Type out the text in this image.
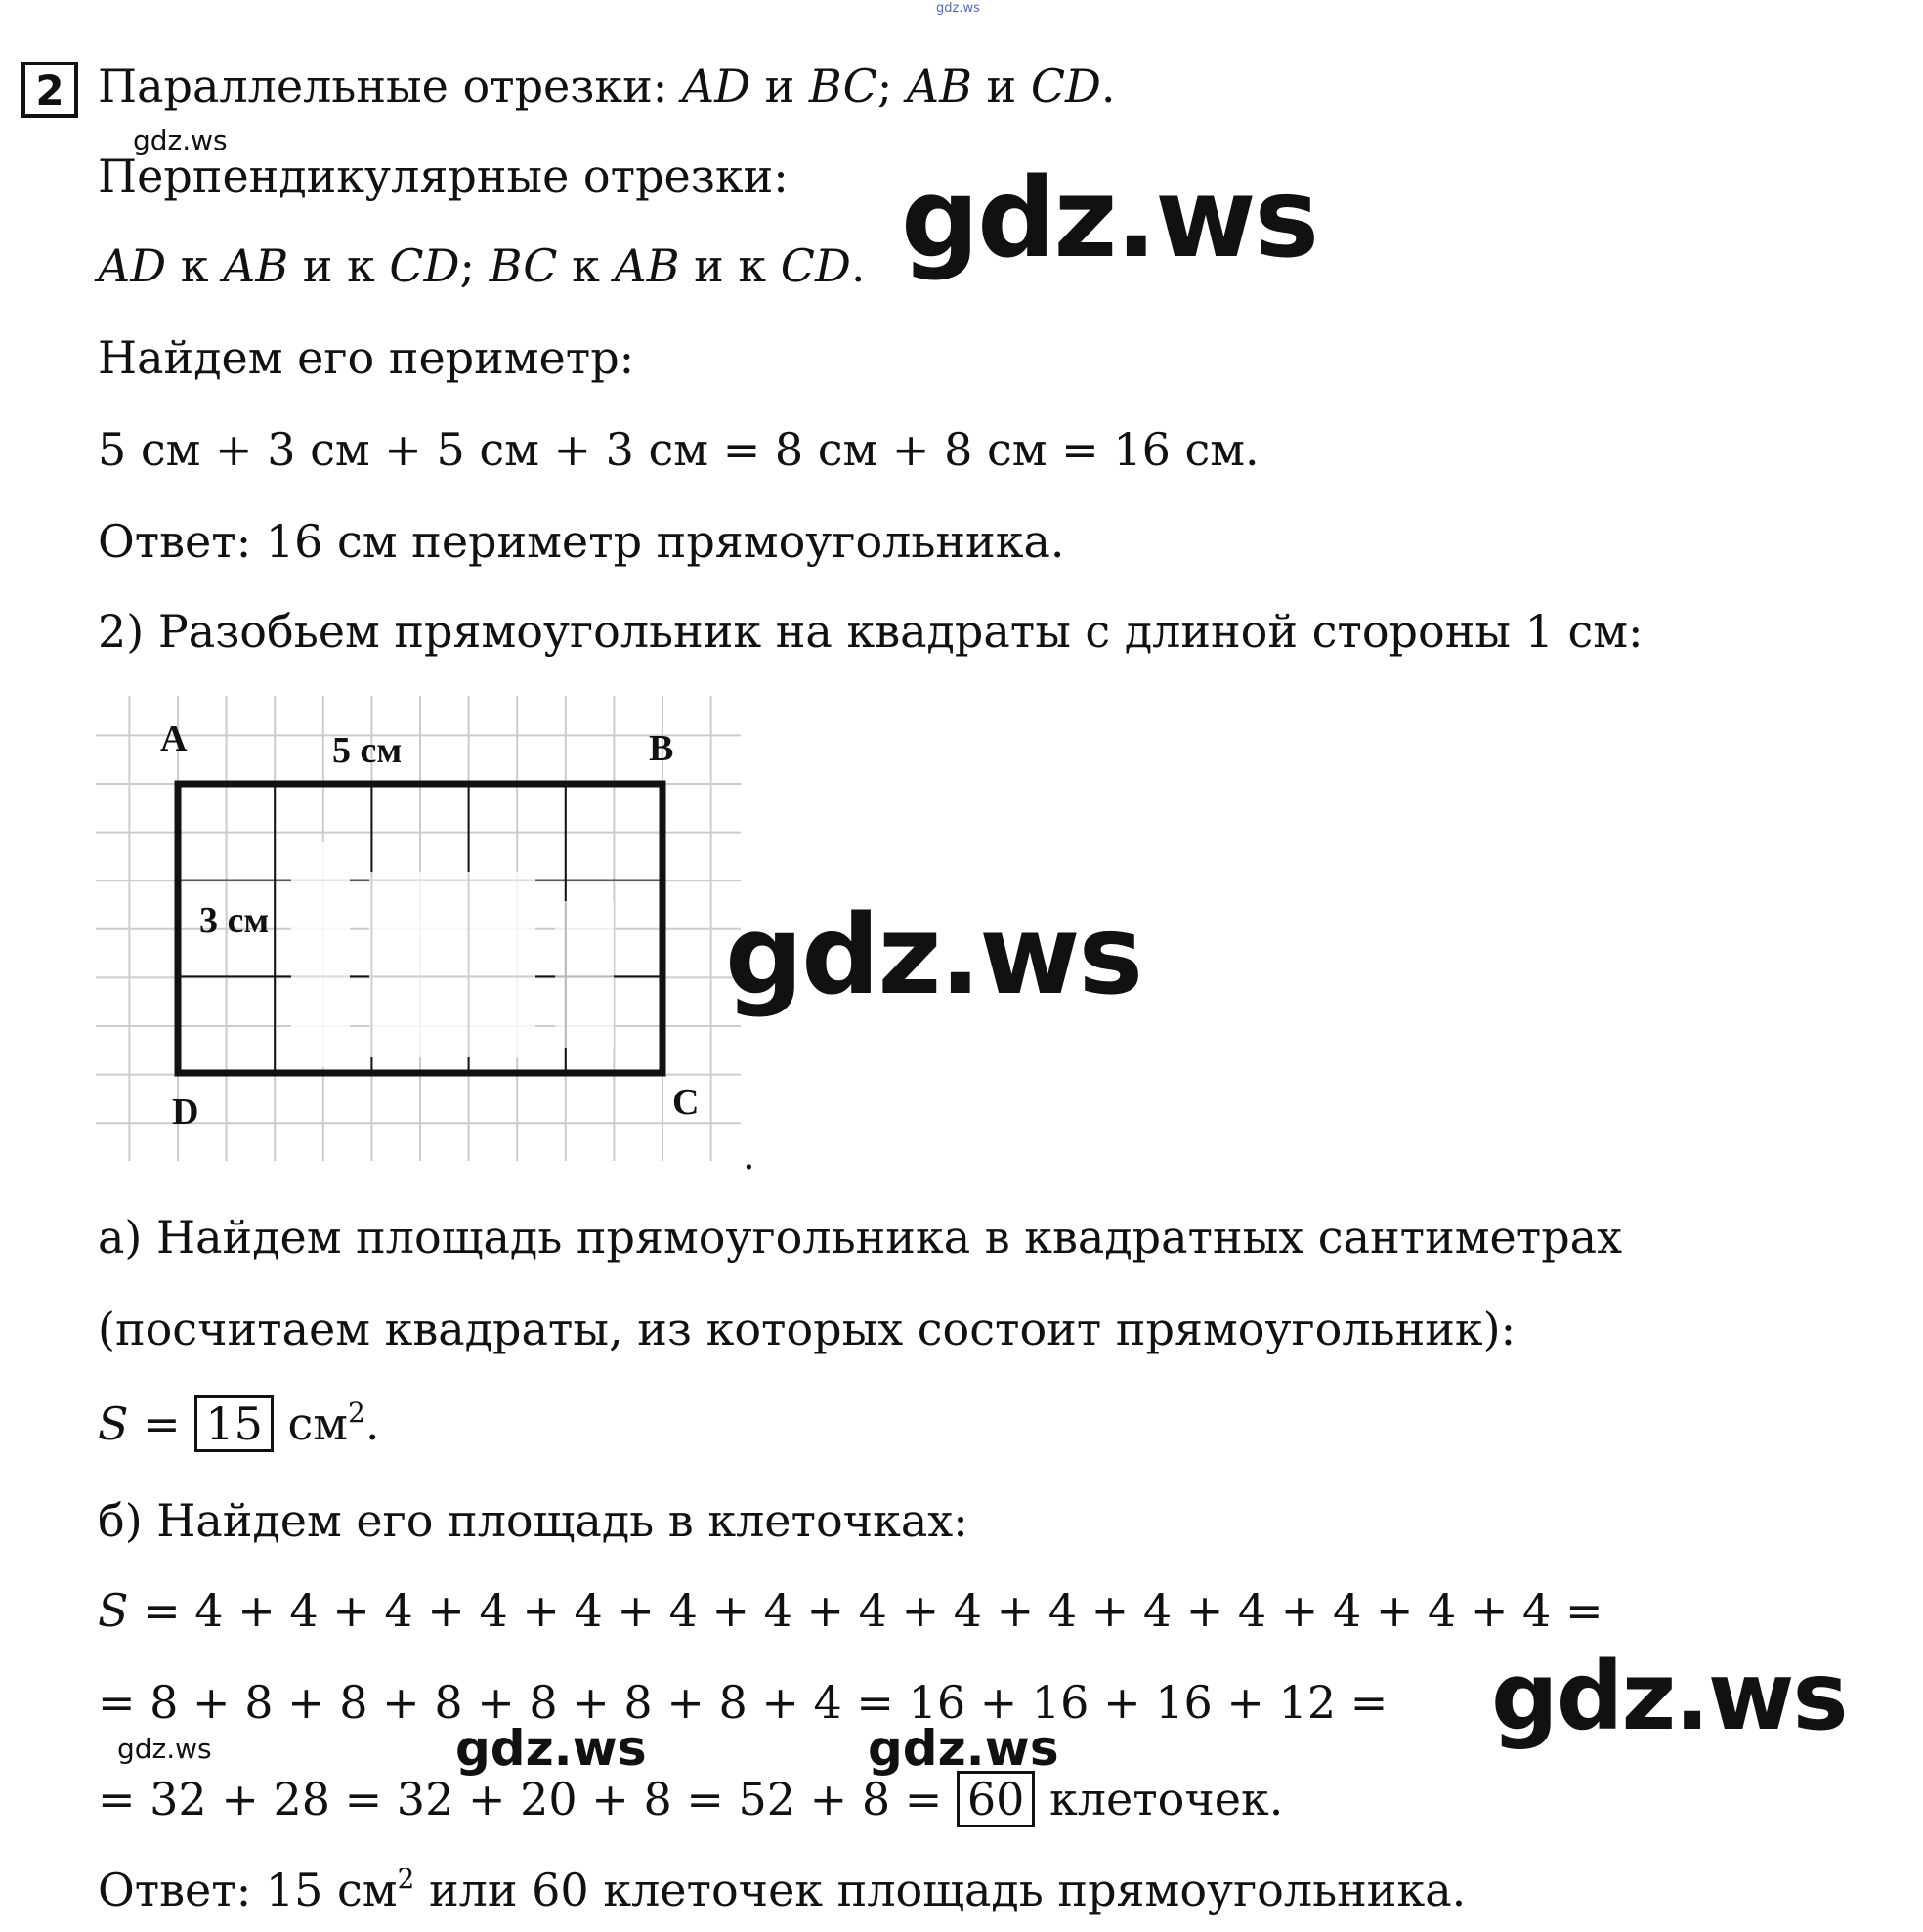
gdz.ws
2 Параллельные отрезки: AD и BC; AB и CD.
gdz.ws
Перпендикулярные отрезки:
AD к AB и к CD; BC к AB и к CD. gdz.ws
Найдем его периметр:
5 см + 3 см + 5 см + 3 см = 8 см + 8 см = 16 см.
Ответ: 16 см периметр прямоугольника.
2) Разобьем прямоугольник на квадраты с длиной стороны 1 см:
A	B
C
D
5 см
3 см
.
gdz.ws
а) Найдем площадь прямоугольника в квадратных сантиметрах
(посчитаем квадраты, из которых состоит прямоугольник):
S = 15 $см^2$.
б) Найдем его площадь в клеточках:
S = 4 + 4 + 4 + 4 + 4 + 4 + 4 + 4 + 4 + 4 + 4 + 4 + 4 + 4 + 4 =
= 8 + 8 + 8 + 8 + 8 + 8 + 8 + 4 = 16 + 16 + 16 + 12 = gdz.ws
gdz.ws	gdz.ws	gdz.ws
= 32 + 28 = 32 + 20 + 8 = 52 + 8 = 60 клеточек.
Ответ: 15 $см^2$ или 60 клеточек площадь прямоугольника.
